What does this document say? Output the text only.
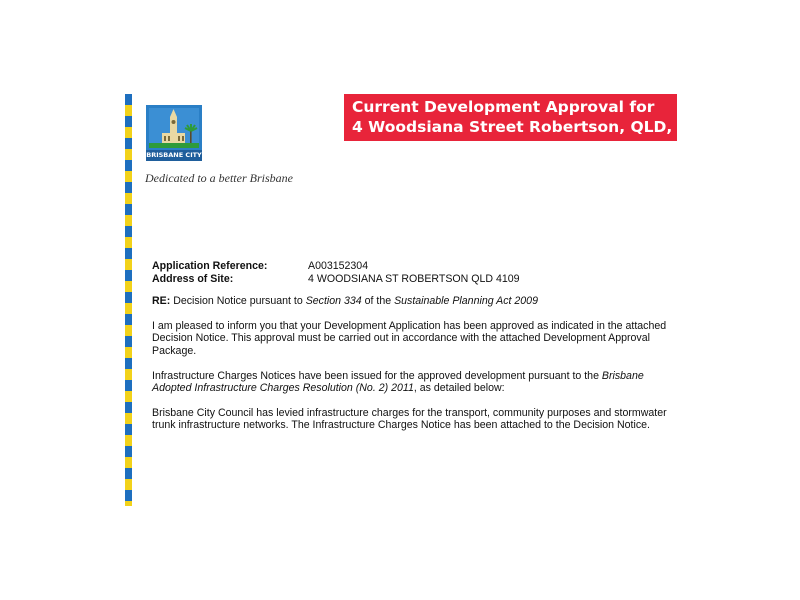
BRISBANE CITY
Dedicated to a better Brisbane
Current Development Approval for
4 Woodsiana Street Robertson, QLD, 4109
Application Reference:	A003152304
Address of Site:	4 WOODSIANA ST ROBERTSON QLD 4109
RE: Decision Notice pursuant to Section 334 of the Sustainable Planning Act 2009
I am pleased to inform you that your Development Application has been approved as indicated in the attached Decision Notice. This approval must be carried out in accordance with the attached Development Approval Package.
Infrastructure Charges Notices have been issued for the approved development pursuant to the Brisbane Adopted Infrastructure Charges Resolution (No. 2) 2011, as detailed below:
Brisbane City Council has levied infrastructure charges for the transport, community purposes and stormwater trunk infrastructure networks. The Infrastructure Charges Notice has been attached to the Decision Notice.
